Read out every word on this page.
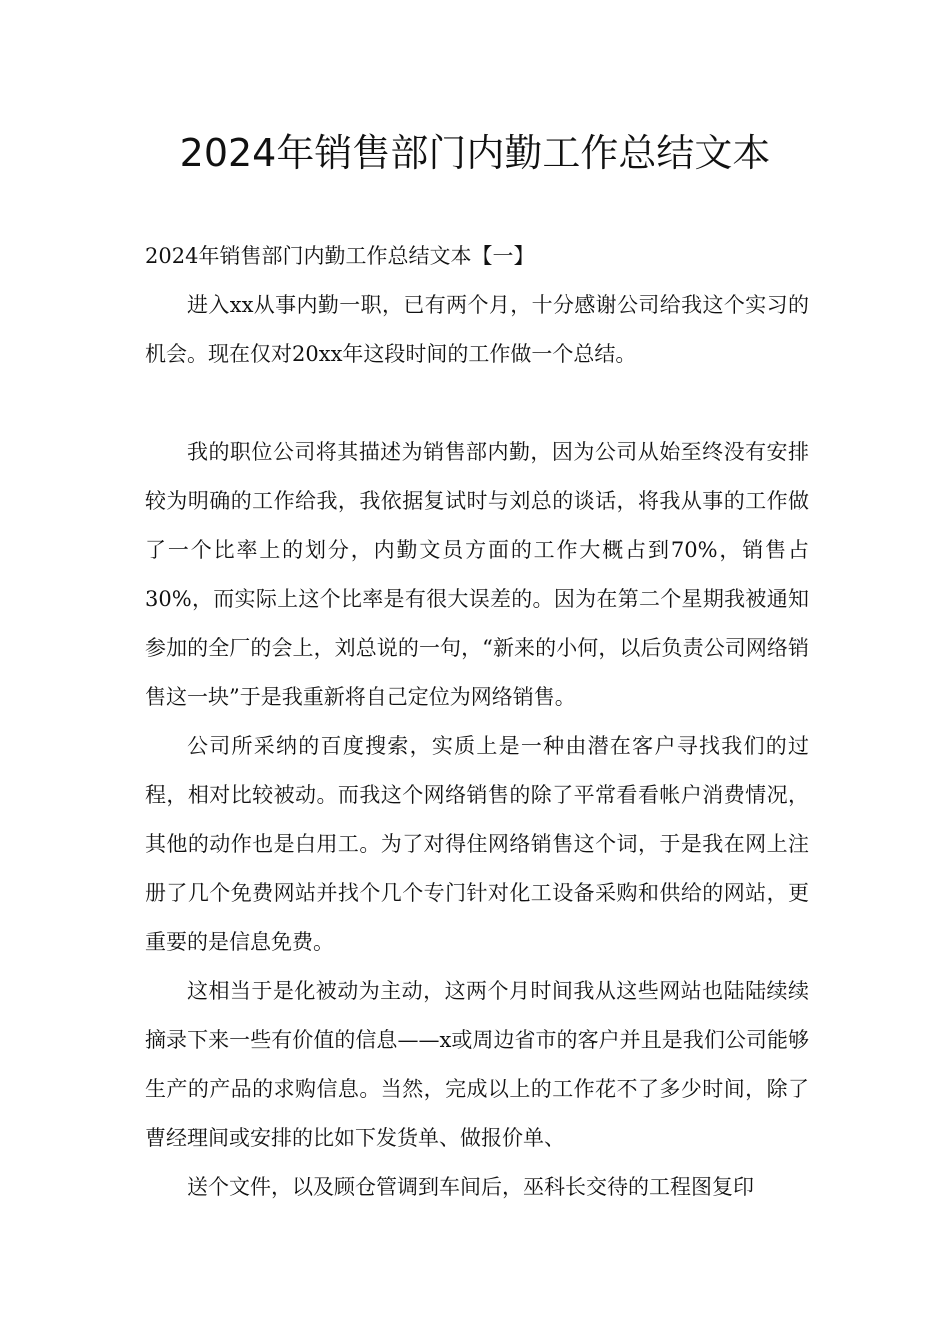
2024年销售部门内勤工作总结文本

2024年销售部门内勤工作总结文本【一】

进入xx从事内勤一职，已有两个月，十分感谢公司给我这个实习的机会。现在仅对20xx年这段时间的工作做一个总结。

我的职位公司将其描述为销售部内勤，因为公司从始至终没有安排较为明确的工作给我，我依据复试时与刘总的谈话，将我从事的工作做了一个比率上的划分，内勤文员方面的工作大概占到70%，销售占30%，而实际上这个比率是有很大误差的。因为在第二个星期我被通知参加的全厂的会上，刘总说的一句，“新来的小何，以后负责公司网络销售这一块”于是我重新将自己定位为网络销售。

公司所采纳的百度搜索，实质上是一种由潜在客户寻找我们的过程，相对比较被动。而我这个网络销售的除了平常看看帐户消费情况，其他的动作也是白用工。为了对得住网络销售这个词，于是我在网上注册了几个免费网站并找个几个专门针对化工设备采购和供给的网站，更重要的是信息免费。

这相当于是化被动为主动，这两个月时间我从这些网站也陆陆续续摘录下来一些有价值的信息——x或周边省市的客户并且是我们公司能够生产的产品的求购信息。当然，完成以上的工作花不了多少时间，除了曹经理间或安排的比如下发货单、做报价单、

送个文件，以及顾仓管调到车间后，巫科长交待的工程图复印
